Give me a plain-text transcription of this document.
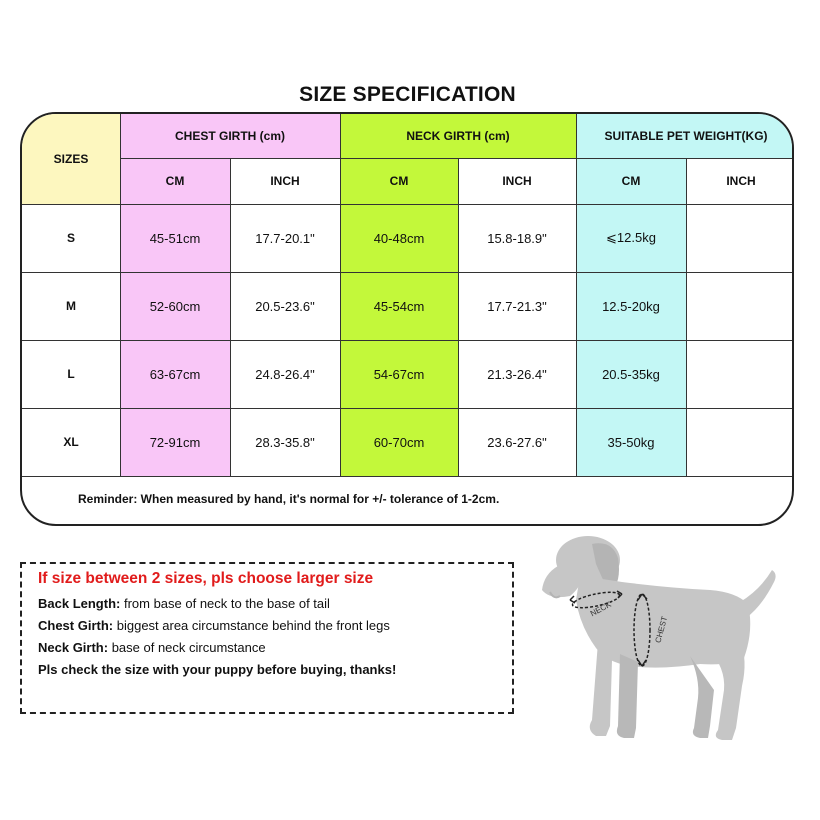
SIZE SPECIFICATION
SIZES
CHEST GIRTH (cm)	NECK GIRTH (cm)	SUITABLE PET WEIGHT(KG)
CM	INCH	CM	INCH	CM	INCH
S	45-51cm	17.7-20.1"	40-48cm	15.8-18.9"	⩽12.5kg
M	52-60cm	20.5-23.6"	45-54cm	17.7-21.3"	12.5-20kg
L	63-67cm	24.8-26.4"	54-67cm	21.3-26.4"	20.5-35kg
XL	72-91cm	28.3-35.8"	60-70cm	23.6-27.6"	35-50kg
Reminder: When measured by hand, it's normal for +/- tolerance of 1-2cm.
If size between 2 sizes, pls choose larger size
Back Length: from base of neck to the base of tail
Chest Girth: biggest area circumstance behind the front legs
Neck Girth: base of neck circumstance
Pls check the size with your puppy before buying, thanks!
NECK
CHEST
